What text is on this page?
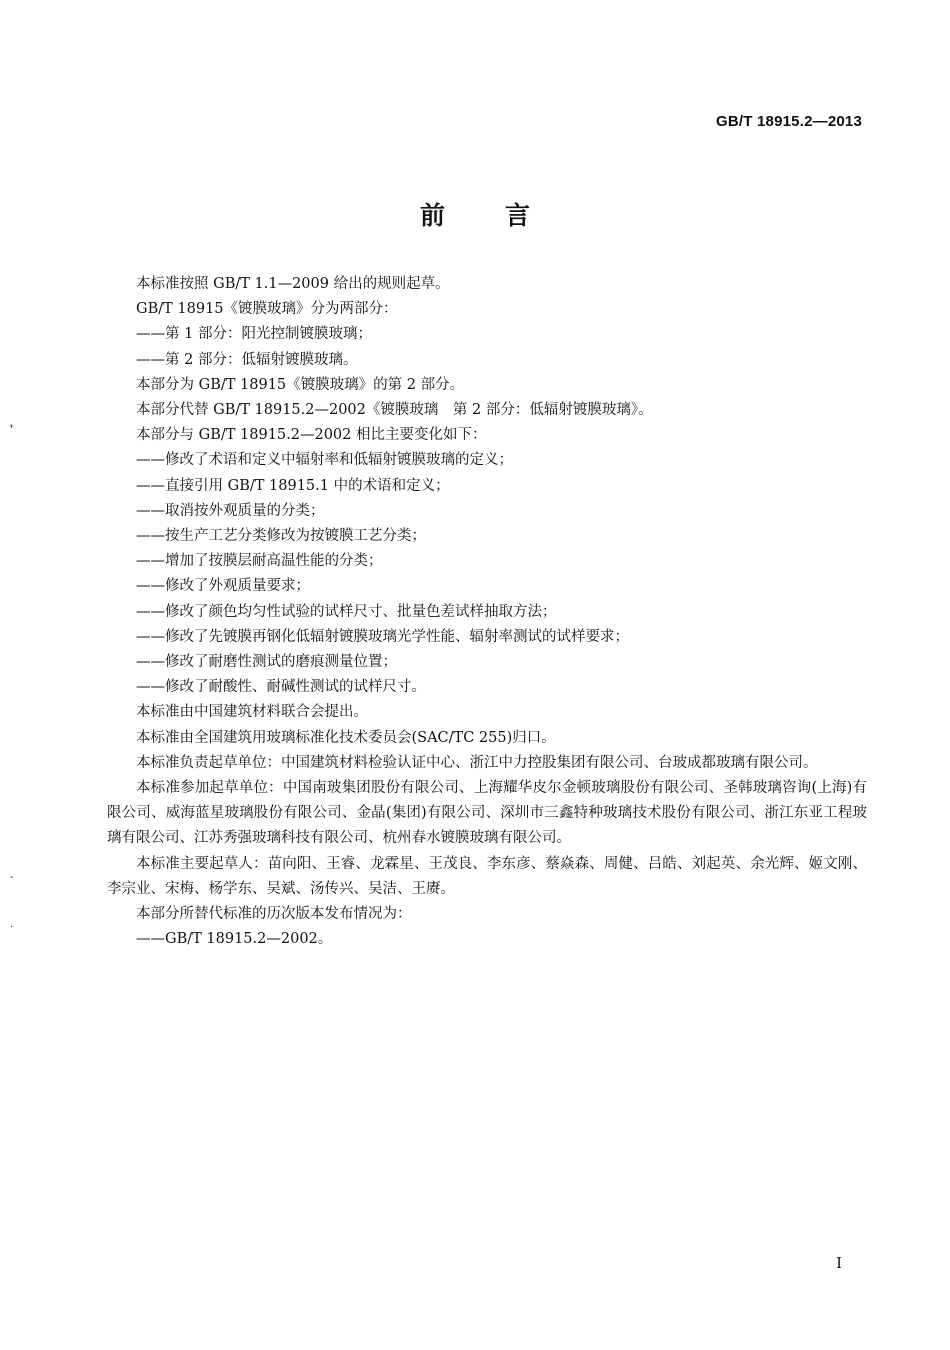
GB/T 18915.2—2013
前言

本标准按照 GB/T 1.1—2009 给出的规则起草。

GB/T 18915《镀膜玻璃》分为两部分：

——第 1 部分：阳光控制镀膜玻璃；

——第 2 部分：低辐射镀膜玻璃。

本部分为 GB/T 18915《镀膜玻璃》的第 2 部分。

本部分代替 GB/T 18915.2—2002《镀膜玻璃　第 2 部分：低辐射镀膜玻璃》。

本部分与 GB/T 18915.2—2002 相比主要变化如下：

——修改了术语和定义中辐射率和低辐射镀膜玻璃的定义；

——直接引用 GB/T 18915.1 中的术语和定义；

——取消按外观质量的分类；

——按生产工艺分类修改为按镀膜工艺分类；

——增加了按膜层耐高温性能的分类；

——修改了外观质量要求；

——修改了颜色均匀性试验的试样尺寸、批量色差试样抽取方法；

——修改了先镀膜再钢化低辐射镀膜玻璃光学性能、辐射率测试的试样要求；

——修改了耐磨性测试的磨痕测量位置；

——修改了耐酸性、耐碱性测试的试样尺寸。

本标准由中国建筑材料联合会提出。

本标准由全国建筑用玻璃标准化技术委员会(SAC/TC 255)归口。

本标准负责起草单位：中国建筑材料检验认证中心、浙江中力控股集团有限公司、台玻成都玻璃有限公司。

本标准参加起草单位：中国南玻集团股份有限公司、上海耀华皮尔金顿玻璃股份有限公司、圣韩玻璃咨询(上海)有限公司、威海蓝星玻璃股份有限公司、金晶(集团)有限公司、深圳市三鑫特种玻璃技术股份有限公司、浙江东亚工程玻璃有限公司、江苏秀强玻璃科技有限公司、杭州春水镀膜玻璃有限公司。

本标准主要起草人：苗向阳、王睿、龙霖星、王茂良、李东彦、蔡焱森、周健、吕皓、刘起英、余光辉、姬文刚、李宗业、宋梅、杨学东、吴斌、汤传兴、吴洁、王赓。

本部分所替代标准的历次版本发布情况为：

——GB/T 18915.2—2002。

I
❜
-
·
